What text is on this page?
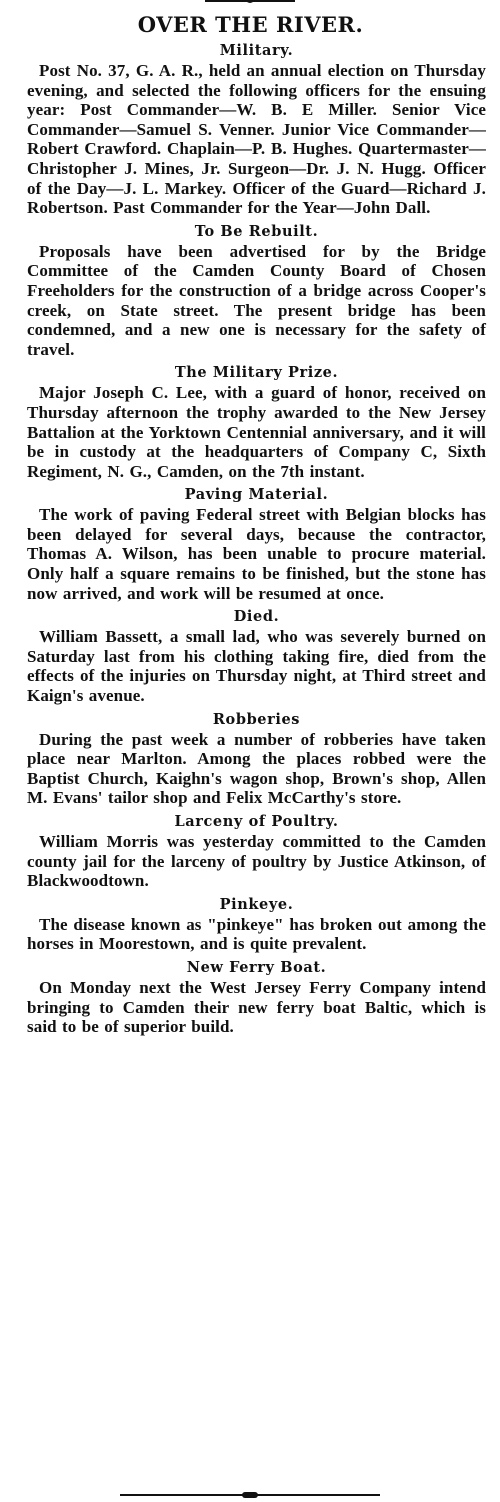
OVER THE RIVER.
Military.

Post No. 37, G. A. R., held an annual election on Thursday evening, and selected the following officers for the ensuing year: Post Commander—W. B. E Miller. Senior Vice Commander—Samuel S. Venner. Junior Vice Commander—Robert Crawford. Chaplain—P. B. Hughes. Quartermaster—Christopher J. Mines, Jr. Surgeon—Dr. J. N. Hugg. Officer of the Day—J. L. Markey. Officer of the Guard—Richard J. Robertson. Past Commander for the Year—John Dall.

To Be Rebuilt.

Proposals have been advertised for by the Bridge Committee of the Camden County Board of Chosen Freeholders for the construction of a bridge across Cooper's creek, on State street. The present bridge has been condemned, and a new one is necessary for the safety of travel.

The Military Prize.

Major Joseph C. Lee, with a guard of honor, received on Thursday afternoon the trophy awarded to the New Jersey Battalion at the Yorktown Centennial anniversary, and it will be in custody at the headquarters of Company C, Sixth Regiment, N. G., Camden, on the 7th instant.

Paving Material.

The work of paving Federal street with Belgian blocks has been delayed for several days, because the contractor, Thomas A. Wilson, has been unable to procure material. Only half a square remains to be finished, but the stone has now arrived, and work will be resumed at once.

Died.

William Bassett, a small lad, who was severely burned on Saturday last from his clothing taking fire, died from the effects of the injuries on Thursday night, at Third street and Kaign's avenue.

Robberies

During the past week a number of robberies have taken place near Marlton. Among the places robbed were the Baptist Church, Kaighn's wagon shop, Brown's shop, Allen M. Evans' tailor shop and Felix McCarthy's store.

Larceny of Poultry.

William Morris was yesterday committed to the Camden county jail for the larceny of poultry by Justice Atkinson, of Blackwoodtown.

Pinkeye.

The disease known as "pinkeye" has broken out among the horses in Moorestown, and is quite prevalent.

New Ferry Boat.

On Monday next the West Jersey Ferry Company intend bringing to Camden their new ferry boat Baltic, which is said to be of superior build.
